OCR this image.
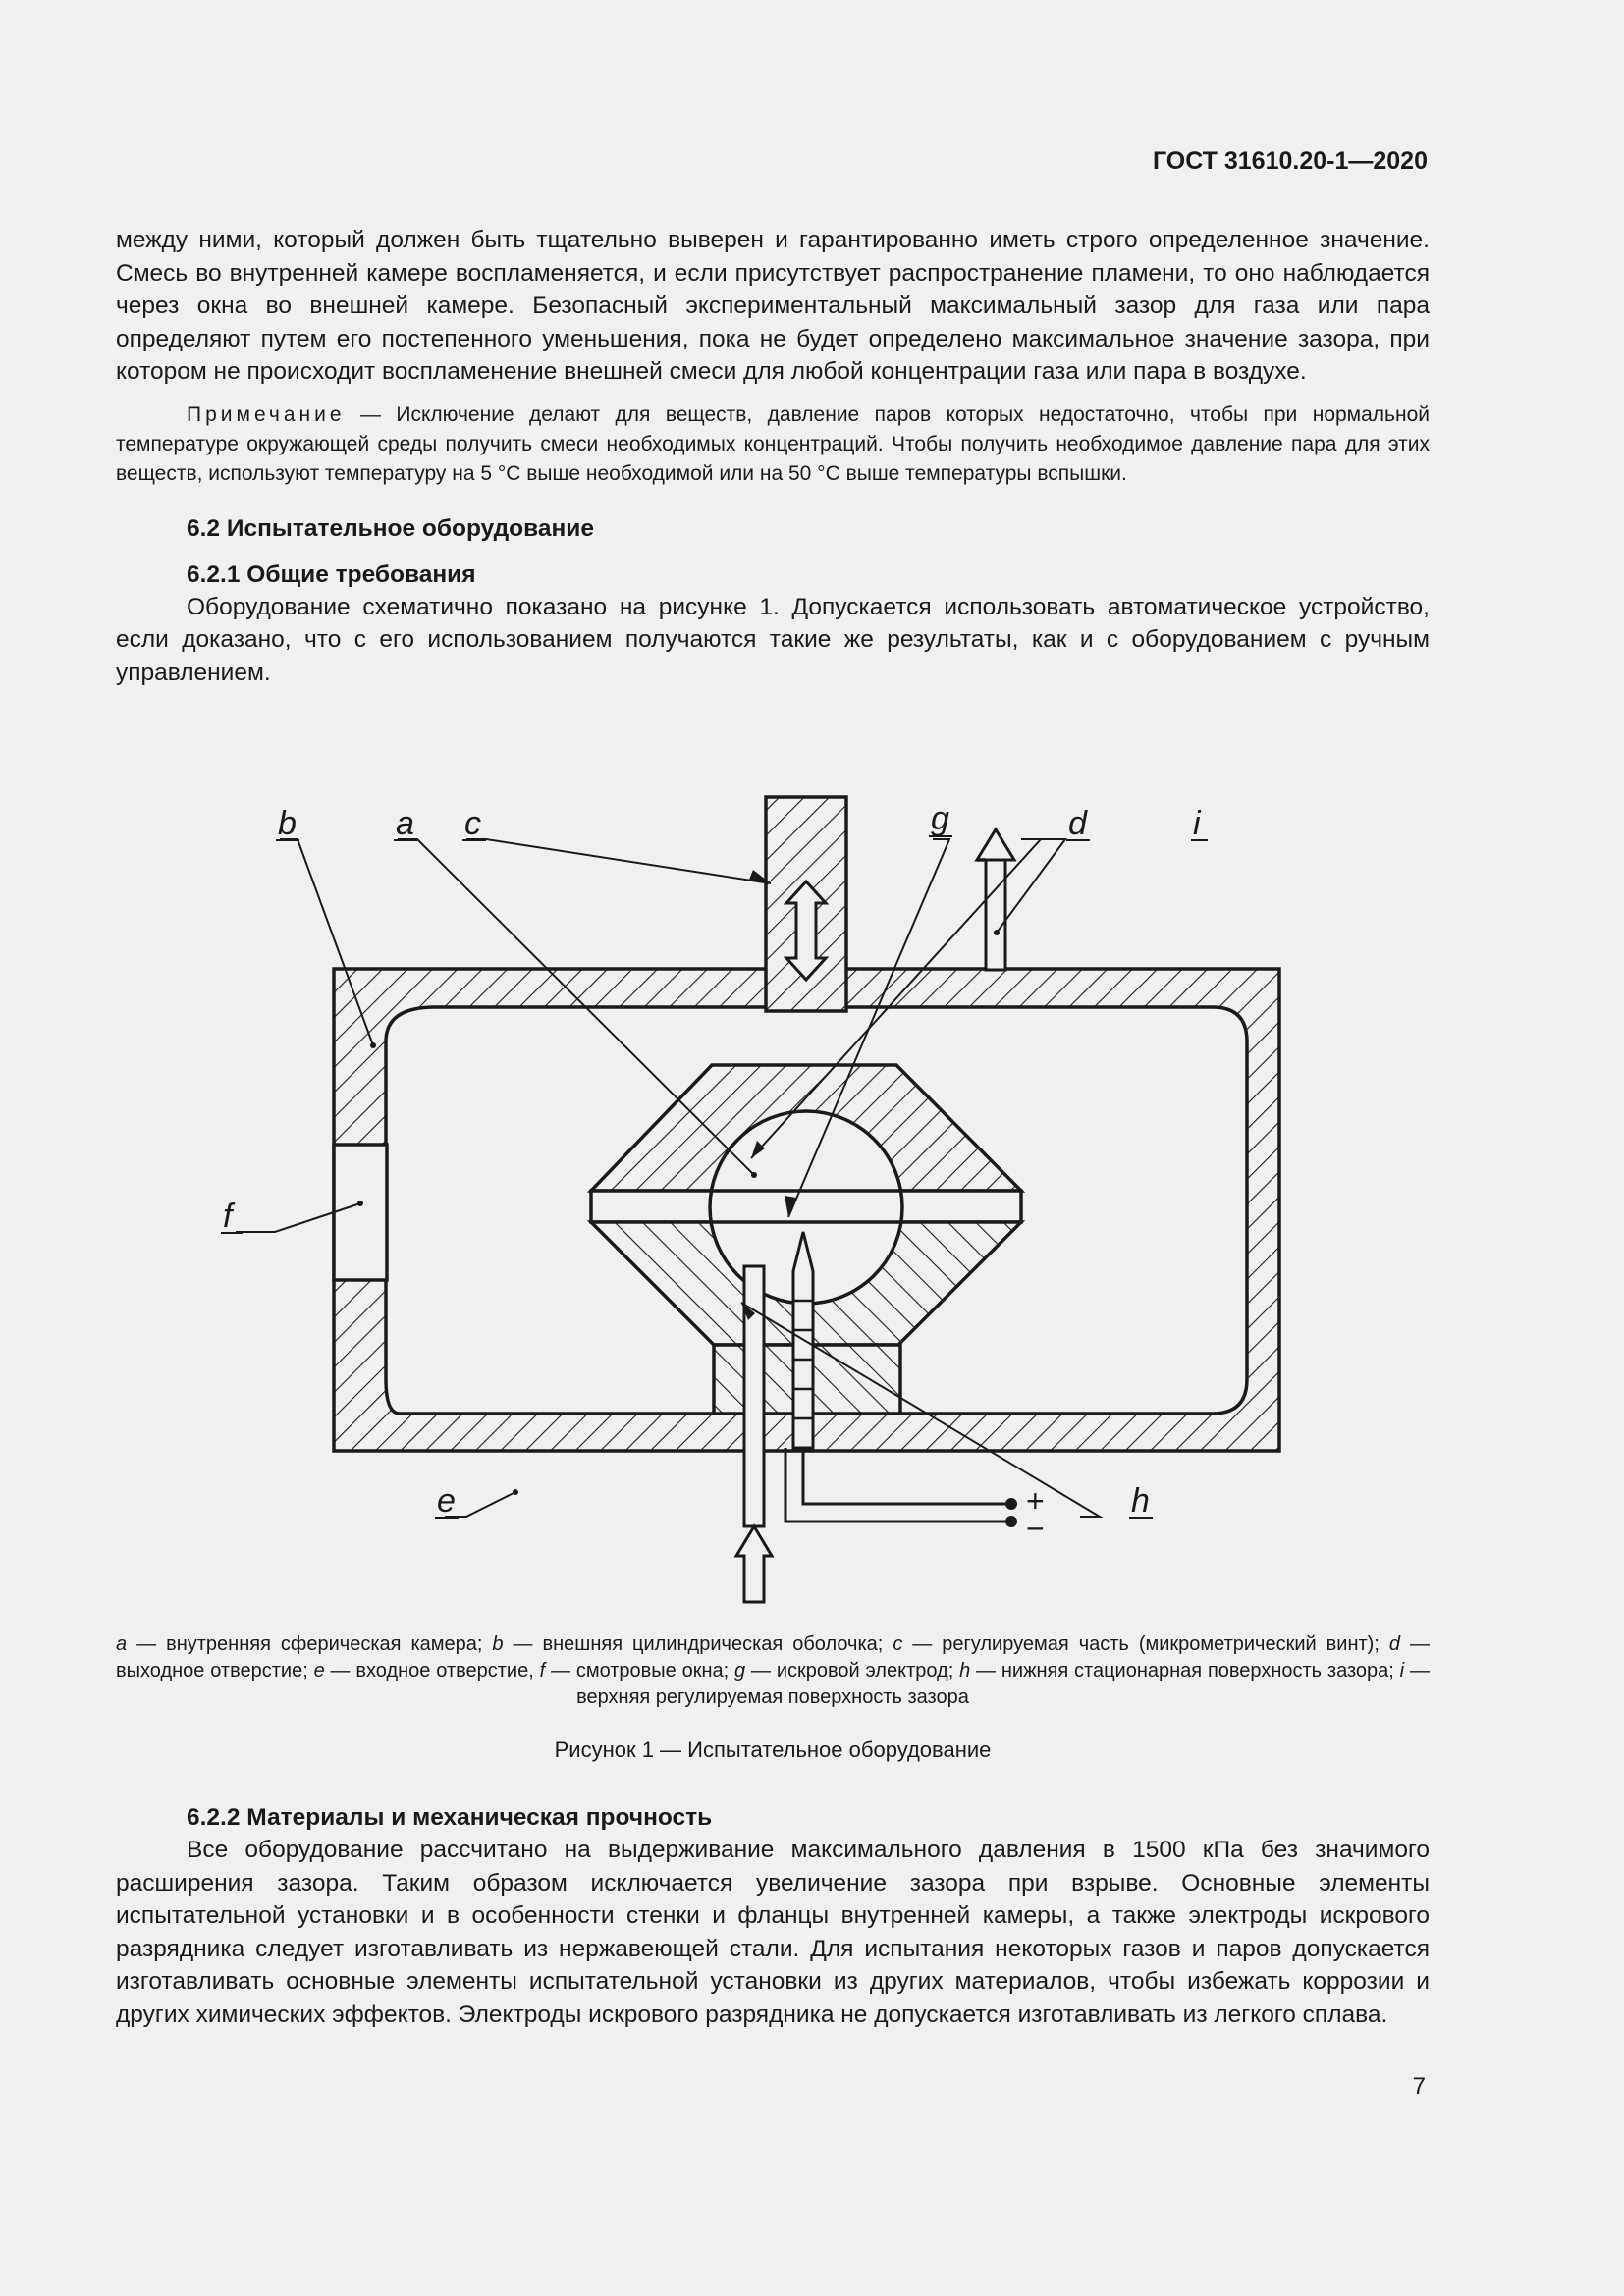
ГОСТ 31610.20-1—2020

между ними, который должен быть тщательно выверен и гарантированно иметь строго определенное значение. Смесь во внутренней камере воспламеняется, и если присутствует распространение пламени, то оно наблюдается через окна во внешней камере. Безопасный экспериментальный максимальный зазор для газа или пара определяют путем его постепенного уменьшения, пока не будет определено максимальное значение зазора, при котором не происходит воспламенение внешней смеси для любой концентрации газа или пара в воздухе.

Примечание — Исключение делают для веществ, давление паров которых недостаточно, чтобы при нормальной температуре окружающей среды получить смеси необходимых концентраций. Чтобы получить необходимое давление пара для этих веществ, используют температуру на 5 °С выше необходимой или на 50 °С выше температуры вспышки.

6.2 Испытательное оборудование
6.2.1 Общие требования

Оборудование схематично показано на рисунке 1. Допускается использовать автоматическое устройство, если доказано, что с его использованием получаются такие же результаты, как и с оборудованием с ручным управлением.

+
−
b	a c	g	d	i
f
e	h
a — внутренняя сферическая камера; b — внешняя цилиндрическая оболочка; c — регулируемая часть (микрометрический винт); d — выходное отверстие; e — входное отверстие, f — смотровые окна; g — искровой электрод; h — нижняя стационарная поверхность зазора; i — верхняя регулируемая поверхность зазора
Рисунок 1 — Испытательное оборудование
6.2.2 Материалы и механическая прочность

Все оборудование рассчитано на выдерживание максимального давления в 1500 кПа без значимого расширения зазора. Таким образом исключается увеличение зазора при взрыве. Основные элементы испытательной установки и в особенности стенки и фланцы внутренней камеры, а также электроды искрового разрядника следует изготавливать из нержавеющей стали. Для испытания некоторых газов и паров допускается изготавливать основные элементы испытательной установки из других материалов, чтобы избежать коррозии и других химических эффектов. Электроды искрового разрядника не допускается изготавливать из легкого сплава.

7
